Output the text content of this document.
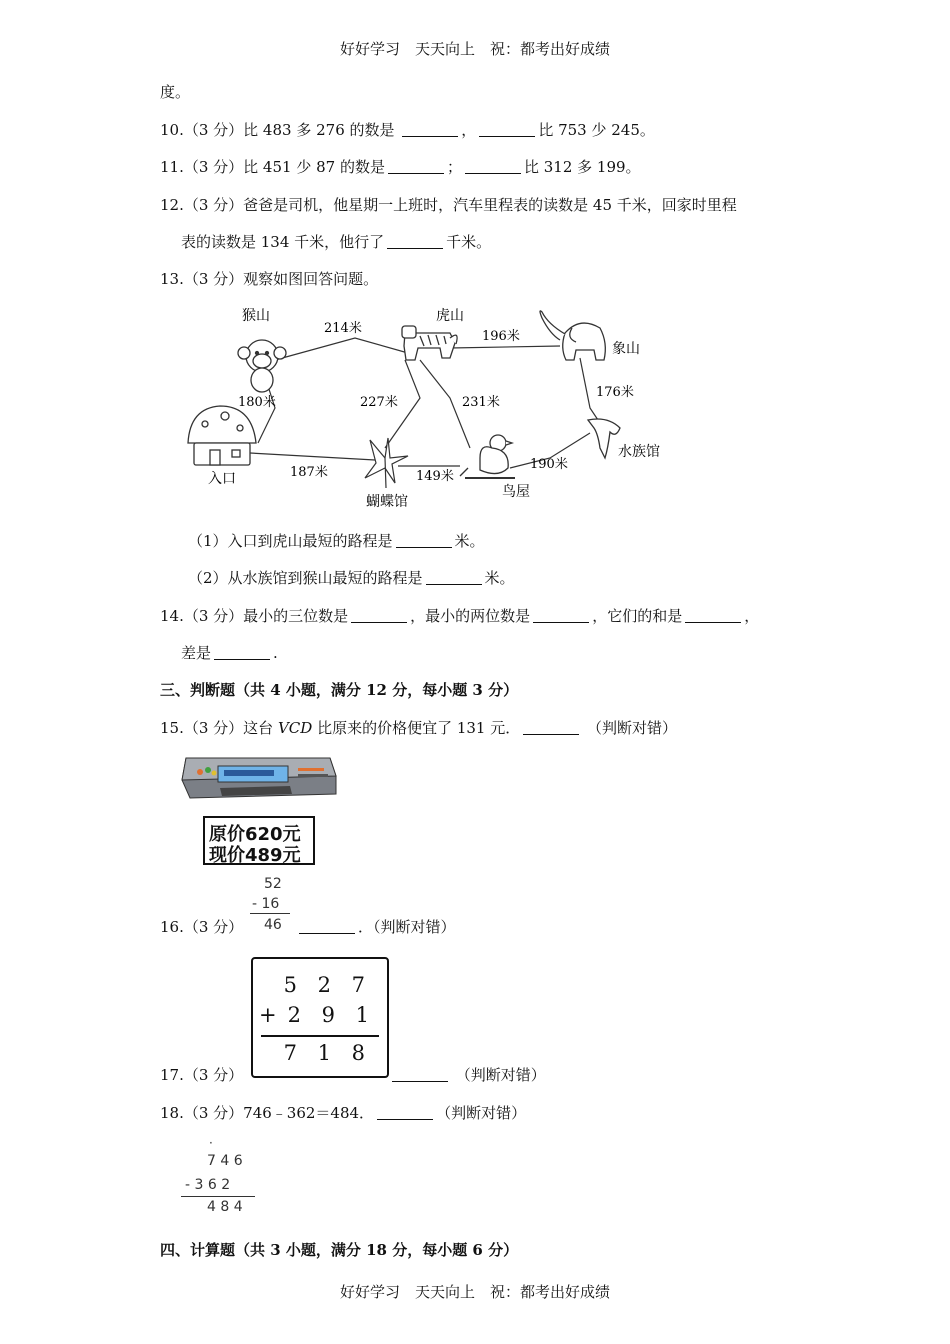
好好学习　天天向上　祝：都考出好成绩
度。
10.（3 分）比 483 多 276 的数是	，	比 753 少 245。
11.（3 分）比 451 少 87 的数是	；	比 312 多 199。
12.（3 分）爸爸是司机，他星期一上班时，汽车里程表的读数是 45 千米，回家时里程
表的读数是 134 千米，他行了	千米。
13.（3 分）观察如图回答问题。
猴山	虎山
象山
水族馆
鸟屋
蝴蝶馆
入口
214米
196米
180米	227米	231米
176米
187米	149米
190米
（1）入口到虎山最短的路程是	米。
（2）从水族馆到猴山最短的路程是	米。
14.（3 分）最小的三位数是	，最小的两位数是	，它们的和是	，
差是	.
三、判断题（共 4 小题，满分 12 分，每小题 3 分）
15.（3 分）这台 VCD 比原来的价格便宜了 131 元．	（判断对错）
原价620元
现价489元
52
- 16
46
16.（3 分）	．（判断对错）
5 2 7
+ 2 9 1
7 1 8
17.（3 分）	（判断对错）
18.（3 分）746﹣362＝484．	（判断对错）
·
7 4 6
- 3 6 2
4 8 4
四、计算题（共 3 小题，满分 18 分，每小题 6 分）
好好学习　天天向上　祝：都考出好成绩
